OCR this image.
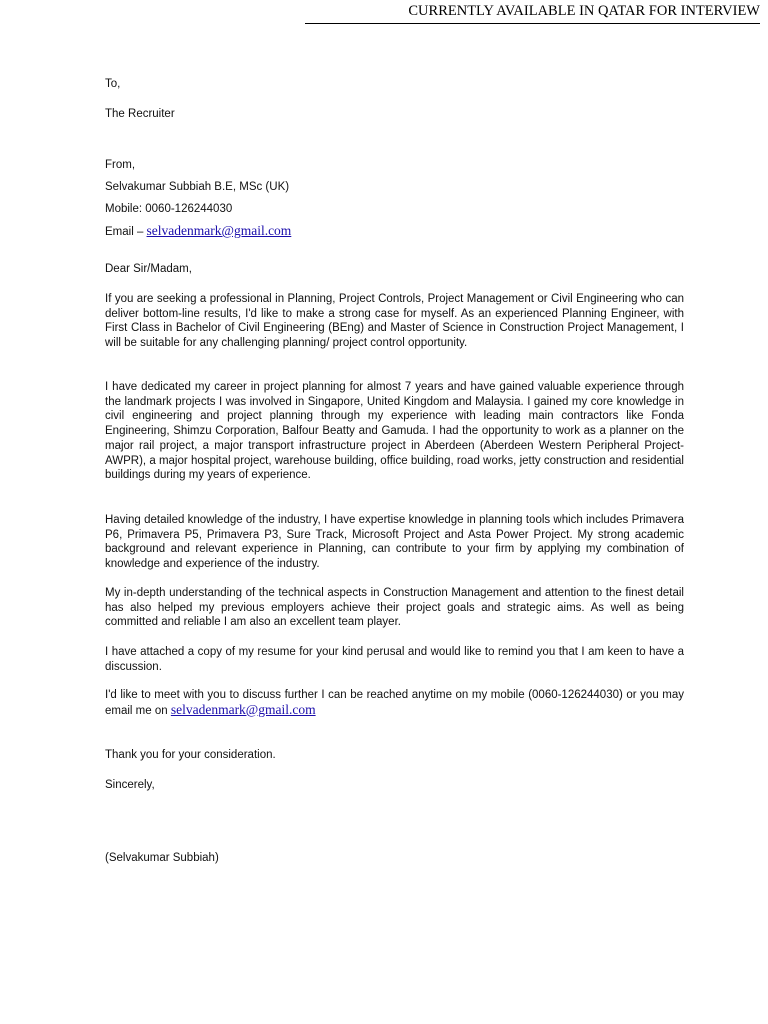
CURRENTLY AVAILABLE IN QATAR FOR INTERVIEW
To,
The Recruiter
From,
Selvakumar Subbiah B.E, MSc (UK)
Mobile: 0060-126244030
Email – selvadenmark@gmail.com
Dear Sir/Madam,
If you are seeking a professional in Planning, Project Controls, Project Management or Civil Engineering who can deliver bottom-line results, I'd like to make a strong case for myself. As an experienced Planning Engineer, with First Class in Bachelor of Civil Engineering (BEng) and Master of Science in Construction Project Management, I will be suitable for any challenging planning/ project control opportunity.
I have dedicated my career in project planning for almost 7 years and have gained valuable experience through the landmark projects I was involved in Singapore, United Kingdom and Malaysia. I gained my core knowledge in civil engineering and project planning through my experience with leading main contractors like Fonda Engineering, Shimzu Corporation, Balfour Beatty and Gamuda. I had the opportunity to work as a planner on the major rail project, a major transport infrastructure project in Aberdeen (Aberdeen Western Peripheral Project- AWPR), a major hospital project, warehouse building, office building, road works, jetty construction and residential buildings during my years of experience.
Having detailed knowledge of the industry, I have expertise knowledge in planning tools which includes Primavera P6, Primavera P5, Primavera P3, Sure Track, Microsoft Project and Asta Power Project. My strong academic background and relevant experience in Planning, can contribute to your firm by applying my combination of knowledge and experience of the industry.
My in-depth understanding of the technical aspects in Construction Management and attention to the finest detail has also helped my previous employers achieve their project goals and strategic aims. As well as being committed and reliable I am also an excellent team player.
I have attached a copy of my resume for your kind perusal and would like to remind you that I am keen to have a discussion.
I'd like to meet with you to discuss further I can be reached anytime on my mobile (0060-126244030) or you may email me on selvadenmark@gmail.com
Thank you for your consideration.
Sincerely,
(Selvakumar Subbiah)
